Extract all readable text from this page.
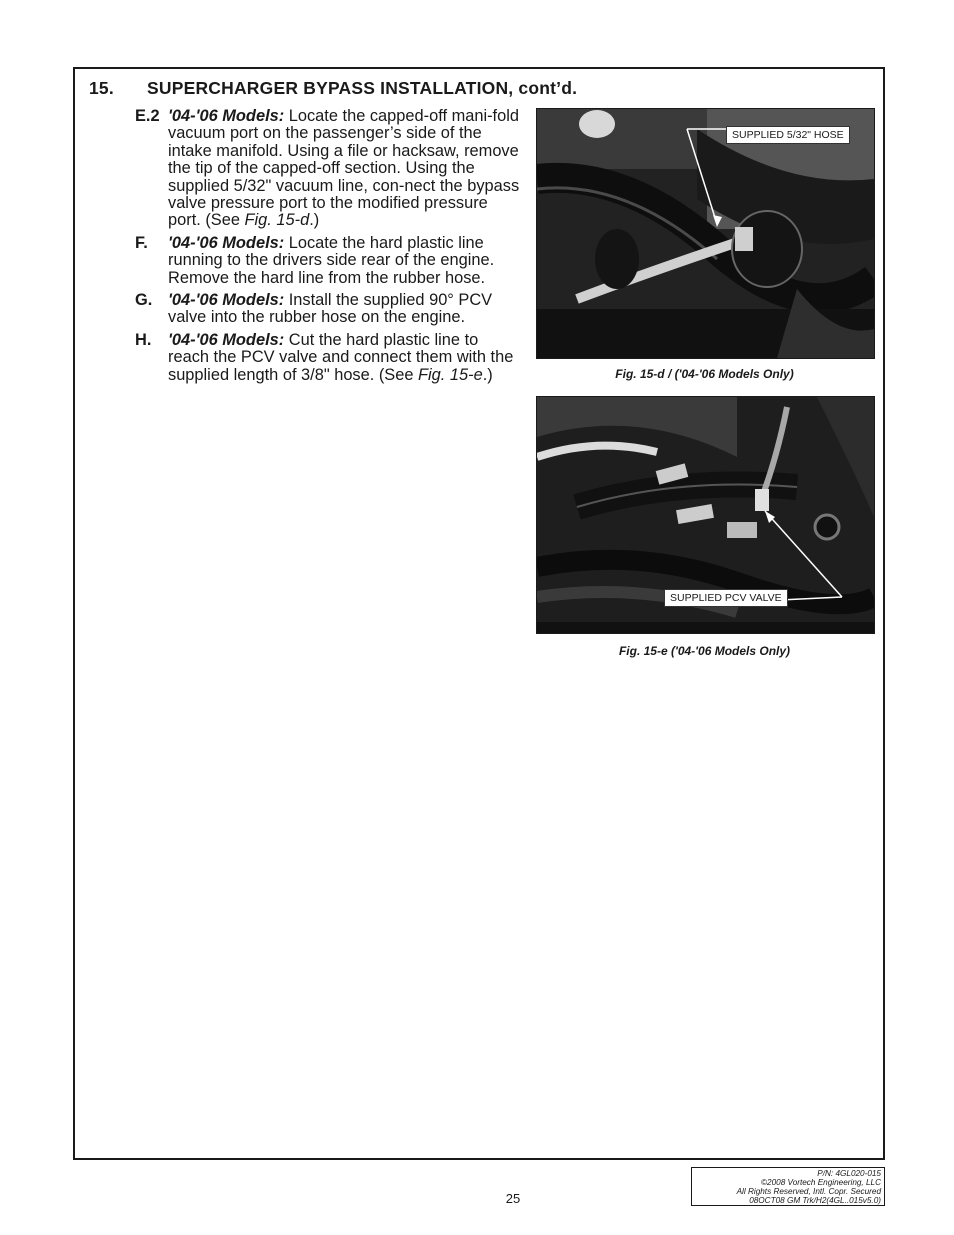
15. SUPERCHARGER BYPASS INSTALLATION, cont’d.
E.2 '04-'06 Models: Locate the capped-off mani-fold vacuum port on the passenger’s side of the intake manifold. Using a file or hacksaw, remove the tip of the capped-off section. Using the supplied 5/32" vacuum line, con-nect the bypass valve pressure port to the modified pressure port. (See Fig. 15-d.)
F.	'04-'06 Models: Locate the hard plastic line running to the drivers side rear of the engine. Remove the hard line from the rubber hose.
G. '04-'06 Models: Install the supplied 90° PCV valve into the rubber hose on the engine.
H.	'04-'06 Models: Cut the hard plastic line to reach the PCV valve and connect them with the supplied length of 3/8" hose. (See Fig. 15-e.)
SUPPLIED 5/32" HOSE
Fig. 15-d / ('04-'06 Models Only)
SUPPLIED PCV VALVE
Fig. 15-e ('04-'06 Models Only)
25
P/N: 4GL020-015
©2008 Vortech Engineering, LLC
All Rights Reserved, Intl. Copr. Secured
08OCT08 GM Trk/H2(4GL..015v5.0)
